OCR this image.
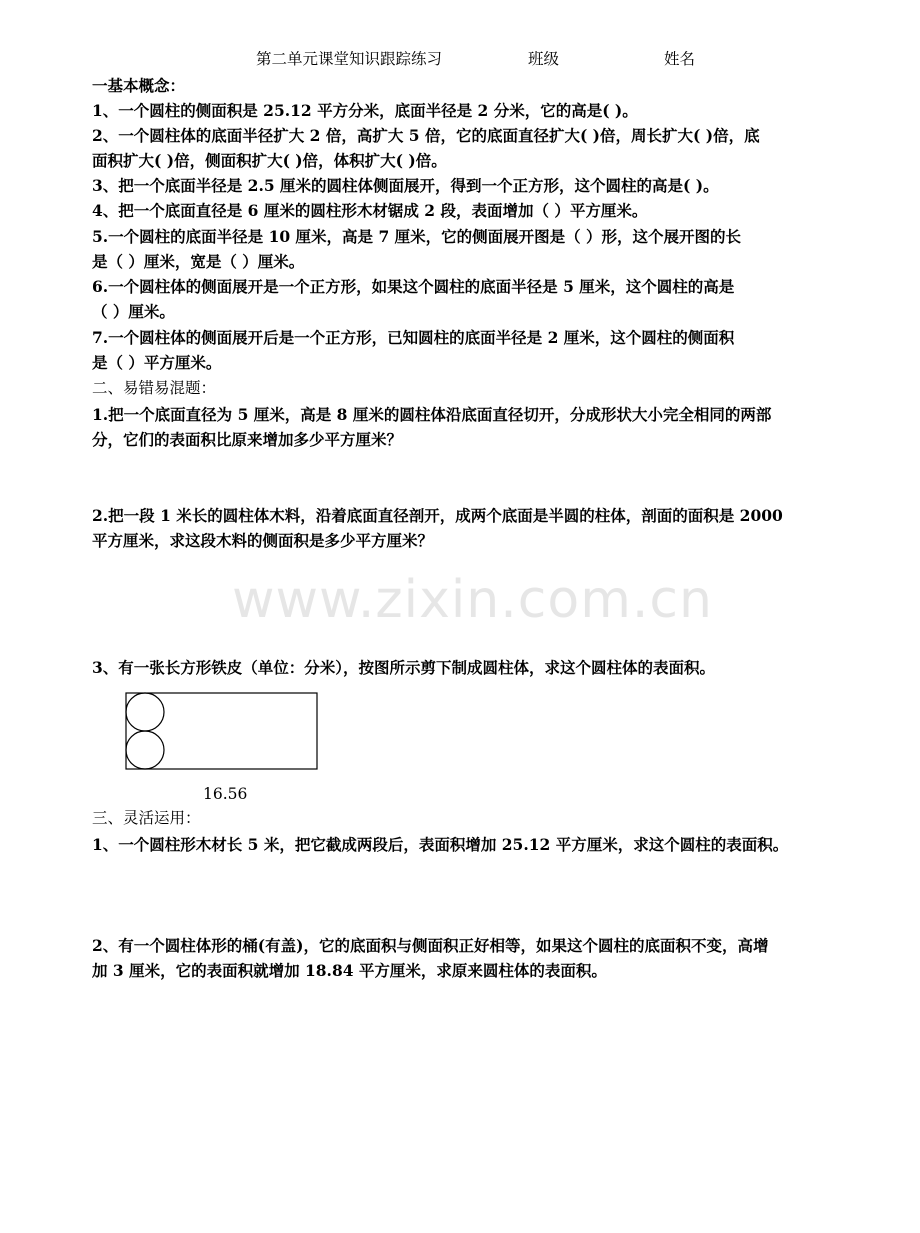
第二单元课堂知识跟踪练习	班级	姓名
一基本概念：
1、一个圆柱的侧面积是 25.12 平方分米，底面半径是 2 分米，它的高是( )。
2、一个圆柱体的底面半径扩大 2 倍，高扩大 5 倍，它的底面直径扩大( )倍，周长扩大( )倍，底
面积扩大( )倍，侧面积扩大( )倍，体积扩大( )倍。
3、把一个底面半径是 2.5 厘米的圆柱体侧面展开，得到一个正方形，这个圆柱的高是( )。
4、把一个底面直径是 6 厘米的圆柱形木材锯成 2 段，表面增加（ ）平方厘米。
5.一个圆柱的底面半径是 10 厘米，高是 7 厘米，它的侧面展开图是（ ）形，这个展开图的长
是（ ）厘米，宽是（ ）厘米。
6.一个圆柱体的侧面展开是一个正方形，如果这个圆柱的底面半径是 5 厘米，这个圆柱的高是
（ ）厘米。
7.一个圆柱体的侧面展开后是一个正方形，已知圆柱的底面半径是 2 厘米，这个圆柱的侧面积
是（ ）平方厘米。
二、易错易混题：
1.把一个底面直径为 5 厘米，高是 8 厘米的圆柱体沿底面直径切开，分成形状大小完全相同的两部
分，它们的表面积比原来增加多少平方厘米？
2.把一段 1 米长的圆柱体木料，沿着底面直径剖开，成两个底面是半圆的柱体，剖面的面积是 2000
平方厘米，求这段木料的侧面积是多少平方厘米？
www.zixin.com.cn
3、有一张长方形铁皮（单位：分米），按图所示剪下制成圆柱体，求这个圆柱体的表面积。
16.56
三、灵活运用：
1、一个圆柱形木材长 5 米，把它截成两段后，表面积增加 25.12 平方厘米，求这个圆柱的表面积。
2、有一个圆柱体形的桶(有盖)，它的底面积与侧面积正好相等，如果这个圆柱的底面积不变，高增
加 3 厘米，它的表面积就增加 18.84 平方厘米，求原来圆柱体的表面积。
